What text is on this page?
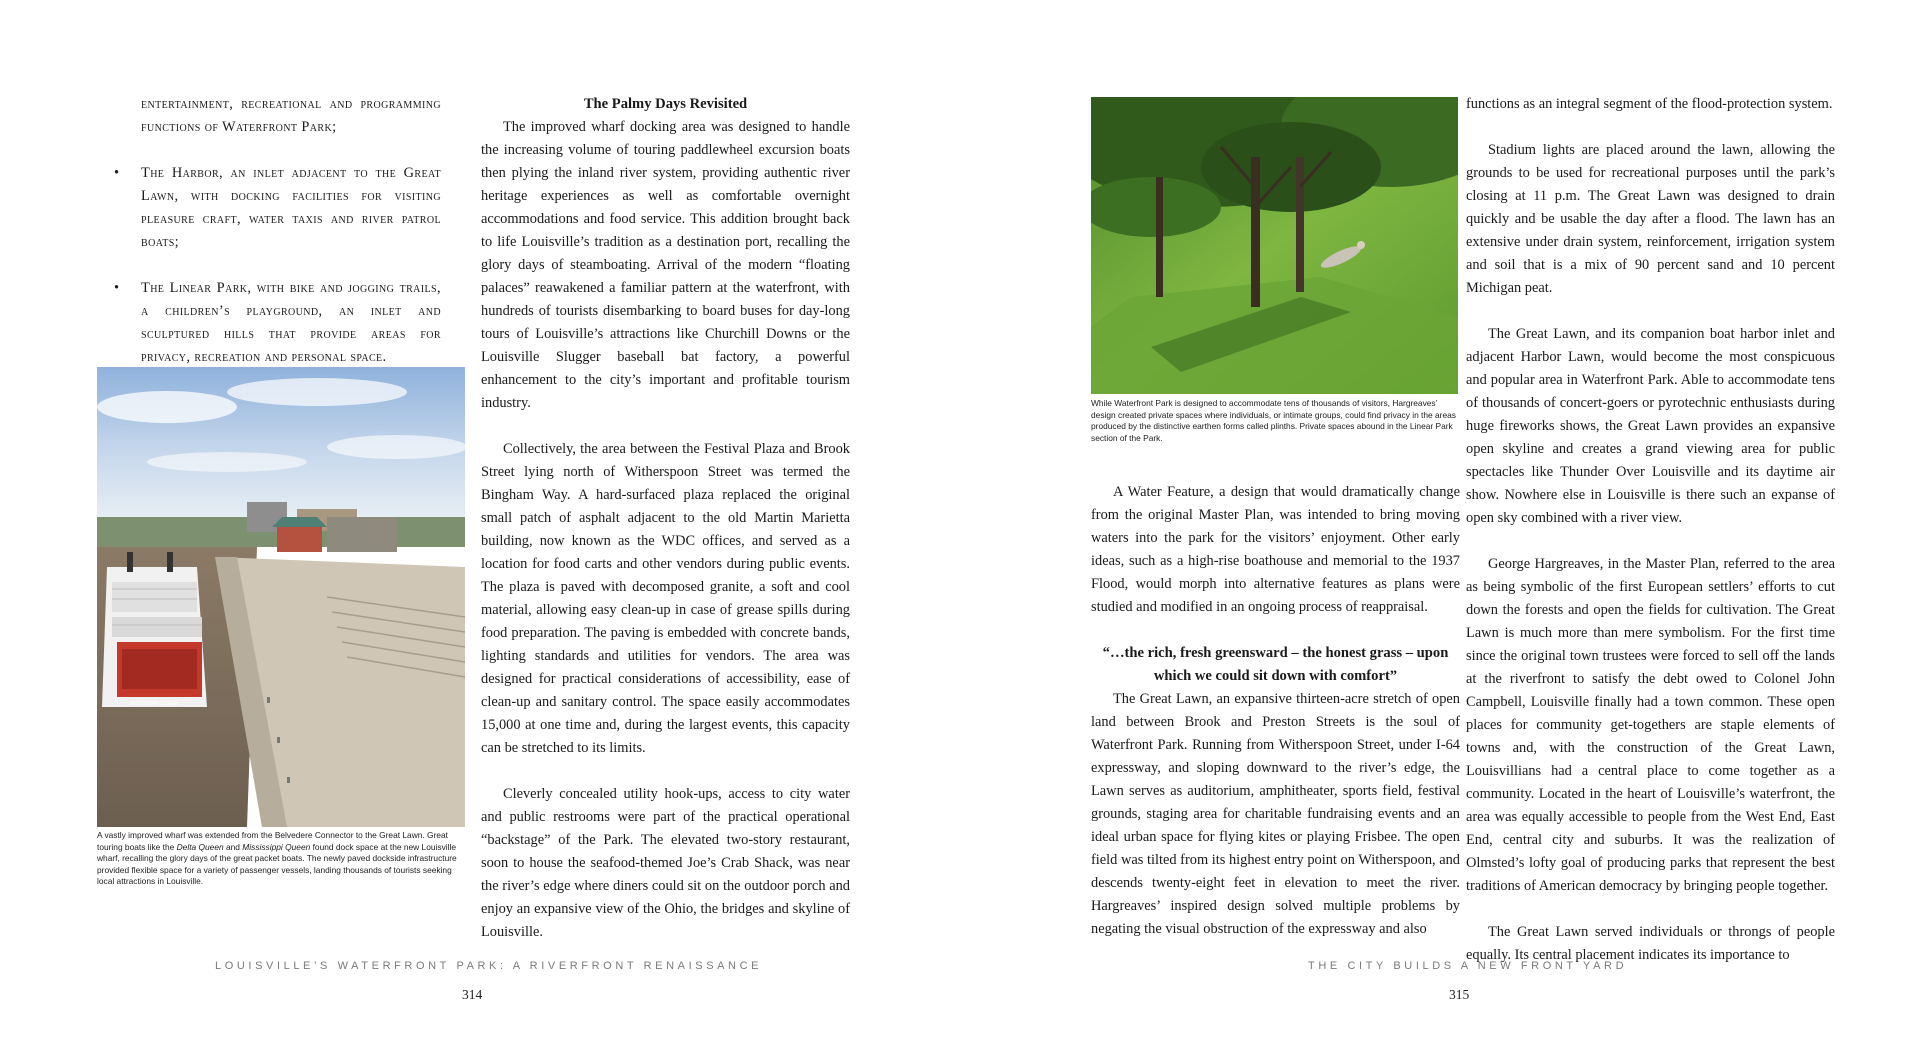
entertainment, recreational and programming functions of Waterfront Park;

• The Harbor, an inlet adjacent to the Great Lawn, with docking facilities for visiting pleasure craft, water taxis and river patrol boats;
• The Linear Park, with bike and jogging trails, a children’s playground, an inlet and sculptured hills that provide areas for privacy, recreation and personal space.
MISSISSIPPI QUEEN
A vastly improved wharf was extended from the Belvedere Connector to the Great Lawn. Great touring boats like the Delta Queen and Mississippi Queen found dock space at the new Louisville wharf, recalling the glory days of the great packet boats. The newly paved dockside infrastructure provided flexible space for a variety of passenger vessels, landing thousands of tourists seeking local attractions in Louisville.
The Palmy Days Revisited

The improved wharf docking area was designed to handle the increasing volume of touring paddlewheel excursion boats then plying the inland river system, providing authentic river heritage experiences as well as comfortable overnight accommodations and food service. This addition brought back to life Louisville’s tradition as a destination port, recalling the glory days of steamboating. Arrival of the modern “floating palaces” reawakened a familiar pattern at the waterfront, with hundreds of tourists disembarking to board buses for day-long tours of Louisville’s attractions like Churchill Downs or the Louisville Slugger baseball bat factory, a powerful enhancement to the city’s important and profitable tourism industry.

Collectively, the area between the Festival Plaza and Brook Street lying north of Witherspoon Street was termed the Bingham Way. A hard-surfaced plaza replaced the original small patch of asphalt adjacent to the old Martin Marietta building, now known as the WDC offices, and served as a location for food carts and other vendors during public events. The plaza is paved with decomposed granite, a soft and cool material, allowing easy clean-up in case of grease spills during food preparation. The paving is embedded with concrete bands, lighting standards and utilities for vendors. The area was designed for practical considerations of accessibility, ease of clean-up and sanitary control. The space easily accommodates 15,000 at one time and, during the largest events, this capacity can be stretched to its limits.

Cleverly concealed utility hook-ups, access to city water and public restrooms were part of the practical operational “backstage” of the Park. The elevated two-story restaurant, soon to house the seafood-themed Joe’s Crab Shack, was near the river’s edge where diners could sit on the outdoor porch and enjoy an expansive view of the Ohio, the bridges and skyline of Louisville.

LOUISVILLE’S WATERFRONT PARK: A RIVERFRONT RENAISSANCE
314
While Waterfront Park is designed to accommodate tens of thousands of visitors, Hargreaves’ design created private spaces where individuals, or intimate groups, could find privacy in the areas produced by the distinctive earthen forms called plinths. Private spaces abound in the Linear Park section of the Park.

A Water Feature, a design that would dramatically change from the original Master Plan, was intended to bring moving waters into the park for the visitors’ enjoyment. Other early ideas, such as a high-rise boathouse and memorial to the 1937 Flood, would morph into alternative features as plans were studied and modified in an ongoing process of reappraisal.

“…the rich, fresh greensward – the honest grass – upon which we could sit down with comfort”

The Great Lawn, an expansive thirteen-acre stretch of open land between Brook and Preston Streets is the soul of Waterfront Park. Running from Witherspoon Street, under I-64 expressway, and sloping downward to the river’s edge, the Lawn serves as auditorium, amphitheater, sports field, festival grounds, staging area for charitable fundraising events and an ideal urban space for flying kites or playing Frisbee. The open field was tilted from its highest entry point on Witherspoon, and descends twenty-eight feet in elevation to meet the river. Hargreaves’ inspired design solved multiple problems by negating the visual obstruction of the expressway and also

functions as an integral segment of the flood-protection system.

Stadium lights are placed around the lawn, allowing the grounds to be used for recreational purposes until the park’s closing at 11 p.m. The Great Lawn was designed to drain quickly and be usable the day after a flood. The lawn has an extensive under drain system, reinforcement, irrigation system and soil that is a mix of 90 percent sand and 10 percent Michigan peat.

The Great Lawn, and its companion boat harbor inlet and adjacent Harbor Lawn, would become the most conspicuous and popular area in Waterfront Park. Able to accommodate tens of thousands of concert-goers or pyrotechnic enthusiasts during huge fireworks shows, the Great Lawn provides an expansive open skyline and creates a grand viewing area for public spectacles like Thunder Over Louisville and its daytime air show. Nowhere else in Louisville is there such an expanse of open sky combined with a river view.

George Hargreaves, in the Master Plan, referred to the area as being symbolic of the first European settlers’ efforts to cut down the forests and open the fields for cultivation. The Great Lawn is much more than mere symbolism. For the first time since the original town trustees were forced to sell off the lands at the riverfront to satisfy the debt owed to Colonel John Campbell, Louisville finally had a town common. These open places for community get-togethers are staple elements of towns and, with the construction of the Great Lawn, Louisvillians had a central place to come together as a community. Located in the heart of Louisville’s waterfront, the area was equally accessible to people from the West End, East End, central city and suburbs. It was the realization of Olmsted’s lofty goal of producing parks that represent the best traditions of American democracy by bringing people together.

The Great Lawn served individuals or throngs of people equally. Its central placement indicates its importance to

THE CITY BUILDS A NEW FRONT YARD
315
